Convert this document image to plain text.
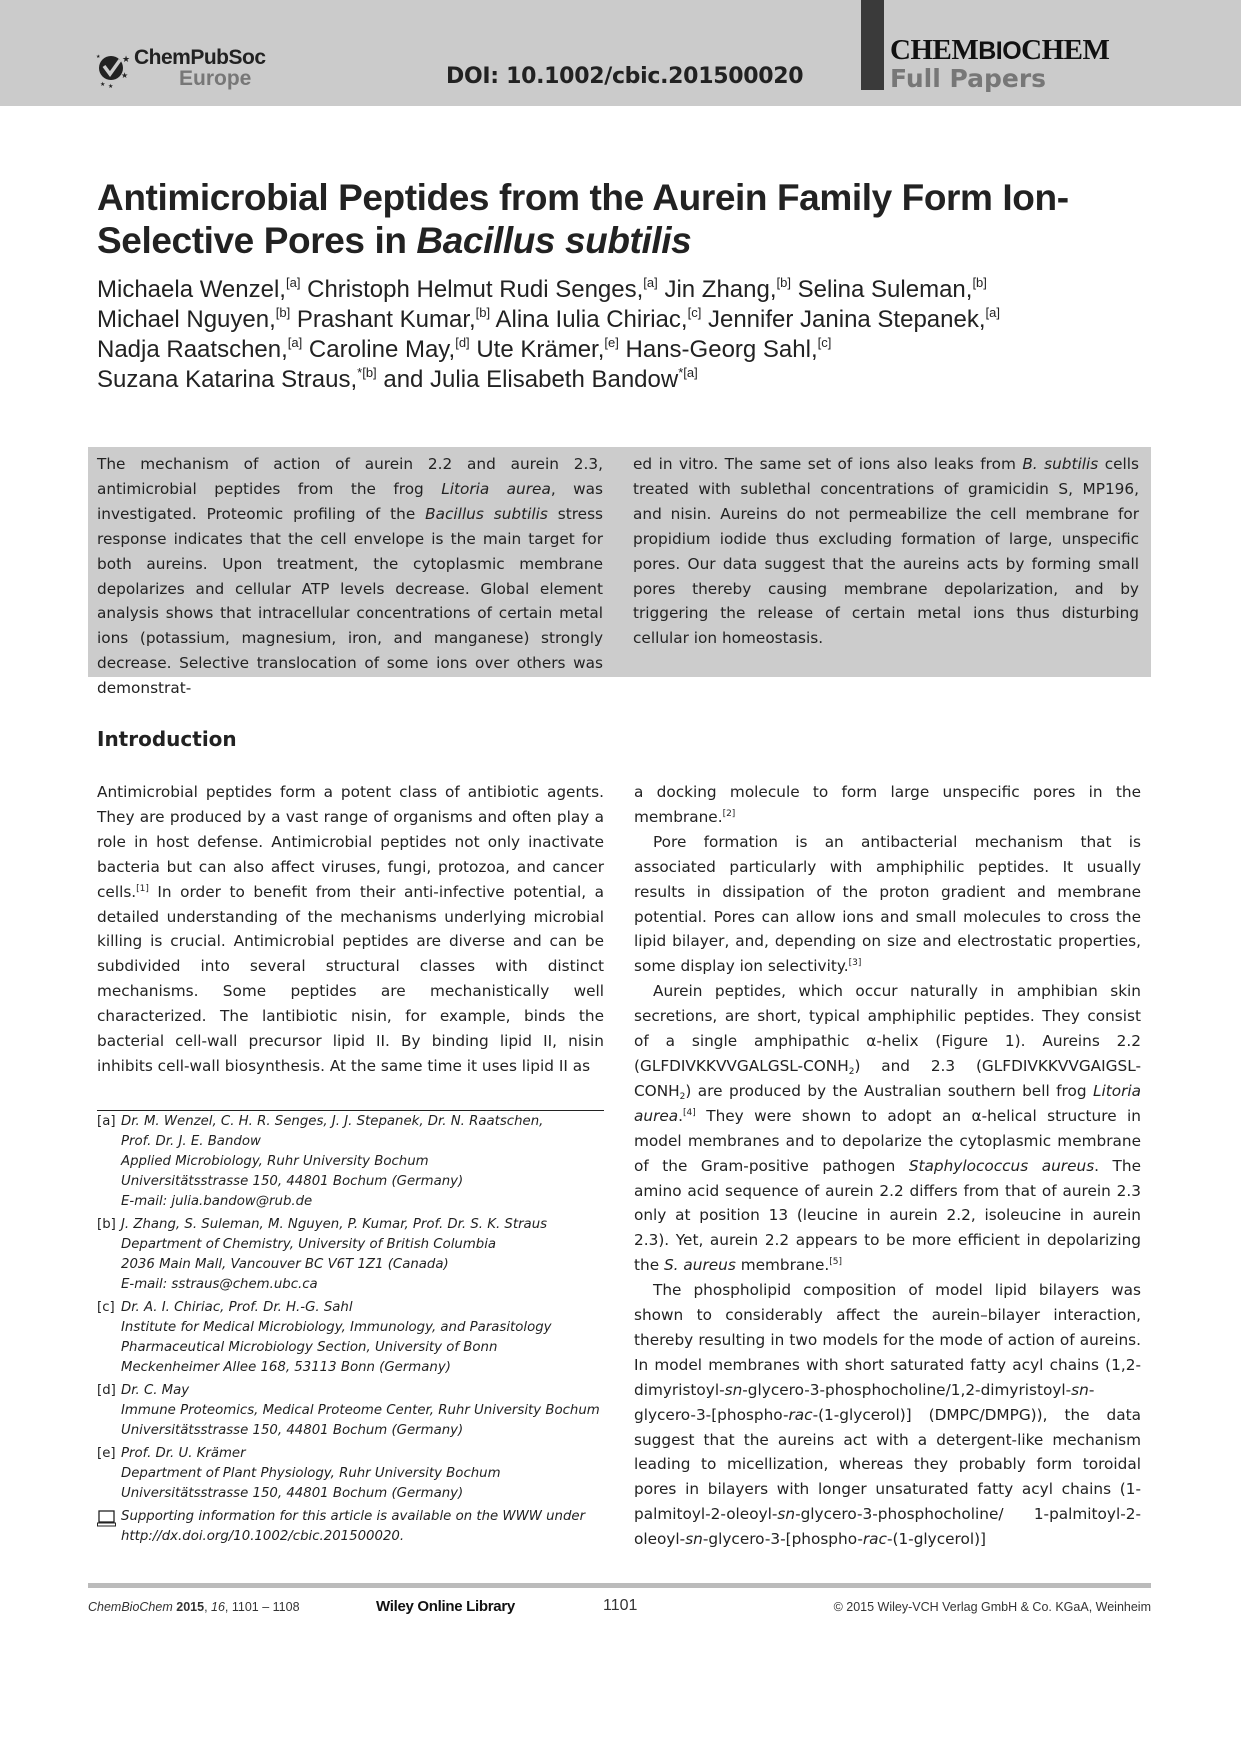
★
★
★ ★
★ ChemPubSoc
Europe	DOI: 10.1002/cbic.201500020
CHEMBIOCHEM
Full Papers
Antimicrobial Peptides from the Aurein Family Form Ion-
Selective Pores in Bacillus subtilis
Michaela Wenzel,[a] Christoph Helmut Rudi Senges,[a] Jin Zhang,[b] Selina Suleman,[b]
Michael Nguyen,[b] Prashant Kumar,[b] Alina Iulia Chiriac,[c] Jennifer Janina Stepanek,[a]
Nadja Raatschen,[a] Caroline May,[d] Ute Krämer,[e] Hans-Georg Sahl,[c]
Suzana Katarina Straus,$^{*[b]}$ and Julia Elisabeth Bandow$^{*[a]}$
The mechanism of action of aurein 2.2 and aurein 2.3, antimicrobial peptides from the frog Litoria aurea, was investigated. Proteomic profiling of the Bacillus subtilis stress response indicates that the cell envelope is the main target for both aureins. Upon treatment, the cytoplasmic membrane depolarizes and cellular ATP levels decrease. Global element analysis shows that intracellular concentrations of certain metal ions (potassium, magnesium, iron, and manganese) strongly decrease. Selective translocation of some ions over others was demonstrat-
ed in vitro. The same set of ions also leaks from B. subtilis cells treated with sublethal concentrations of gramicidin S, MP196, and nisin. Aureins do not permeabilize the cell membrane for propidium iodide thus excluding formation of large, unspecific pores. Our data suggest that the aureins acts by forming small pores thereby causing membrane depolarization, and by triggering the release of certain metal ions thus disturbing cellular ion homeostasis.
Introduction

Antimicrobial peptides form a potent class of antibiotic agents. They are produced by a vast range of organisms and often play a role in host defense. Antimicrobial peptides not only inactivate bacteria but can also affect viruses, fungi, protozoa, and cancer cells.[1] In order to benefit from their anti-infective potential, a detailed understanding of the mechanisms underlying microbial killing is crucial. Antimicrobial peptides are diverse and can be subdivided into several structural classes with distinct mechanisms. Some peptides are mechanistically well characterized. The lantibiotic nisin, for example, binds the bacterial cell-wall precursor lipid II. By binding lipid II, nisin inhibits cell-wall biosynthesis. At the same time it uses lipid II as

[a] Dr. M. Wenzel, C. H. R. Senges, J. J. Stepanek, Dr. N. Raatschen,
Prof. Dr. J. E. Bandow
Applied Microbiology, Ruhr University Bochum
Universitätsstrasse 150, 44801 Bochum (Germany)
E-mail: julia.bandow@rub.de
[b] J. Zhang, S. Suleman, M. Nguyen, P. Kumar, Prof. Dr. S. K. Straus
Department of Chemistry, University of British Columbia
2036 Main Mall, Vancouver BC V6T 1Z1 (Canada)
E-mail: sstraus@chem.ubc.ca
[c] Dr. A. I. Chiriac, Prof. Dr. H.-G. Sahl
Institute for Medical Microbiology, Immunology, and Parasitology
Pharmaceutical Microbiology Section, University of Bonn
Meckenheimer Allee 168, 53113 Bonn (Germany)
[d] Dr. C. May
Immune Proteomics, Medical Proteome Center, Ruhr University Bochum
Universitätsstrasse 150, 44801 Bochum (Germany)
[e] Prof. Dr. U. Krämer
Department of Plant Physiology, Ruhr University Bochum
Universitätsstrasse 150, 44801 Bochum (Germany)
Supporting information for this article is available on the WWW under
http://dx.doi.org/10.1002/cbic.201500020.

a docking molecule to form large unspecific pores in the membrane.[2]

Pore formation is an antibacterial mechanism that is associated particularly with amphiphilic peptides. It usually results in dissipation of the proton gradient and membrane potential. Pores can allow ions and small molecules to cross the lipid bilayer, and, depending on size and electrostatic properties, some display ion selectivity.[3]

Aurein peptides, which occur naturally in amphibian skin secretions, are short, typical amphiphilic peptides. They consist of a single amphipathic α-helix (Figure 1). Aureins 2.2 $(GLFDIVKKVVGALGSL-CONH_2)$ and 2.3 $(GLFDIVKKVVGAIGSL-CONH_2)$ are produced by the Australian southern bell frog Litoria aurea.[4] They were shown to adopt an α-helical structure in model membranes and to depolarize the cytoplasmic membrane of the Gram-positive pathogen Staphylococcus aureus. The amino acid sequence of aurein 2.2 differs from that of aurein 2.3 only at position 13 (leucine in aurein 2.2, isoleucine in aurein 2.3). Yet, aurein 2.2 appears to be more efficient in depolarizing the S. aureus membrane.[5]

The phospholipid composition of model lipid bilayers was shown to considerably affect the aurein–bilayer interaction, thereby resulting in two models for the mode of action of aureins. In model membranes with short saturated fatty acyl chains (1,2-dimyristoyl-sn-glycero-3-phosphocholine/1,2-dimyristoyl-sn-glycero-3-[phospho-rac-(1-glycerol)] (DMPC/DMPG)), the data suggest that the aureins act with a detergent-like mechanism leading to micellization, whereas they probably form toroidal pores in bilayers with longer unsaturated fatty acyl chains (1-palmitoyl-2-oleoyl-sn-glycero-3-phosphocholine/ 1-palmitoyl-2-oleoyl-sn-glycero-3-[phospho-rac-(1-glycerol)]

ChemBioChem 2015, 16, 1101 – 1108	Wiley Online Library	1101	© 2015 Wiley-VCH Verlag GmbH & Co. KGaA, Weinheim
